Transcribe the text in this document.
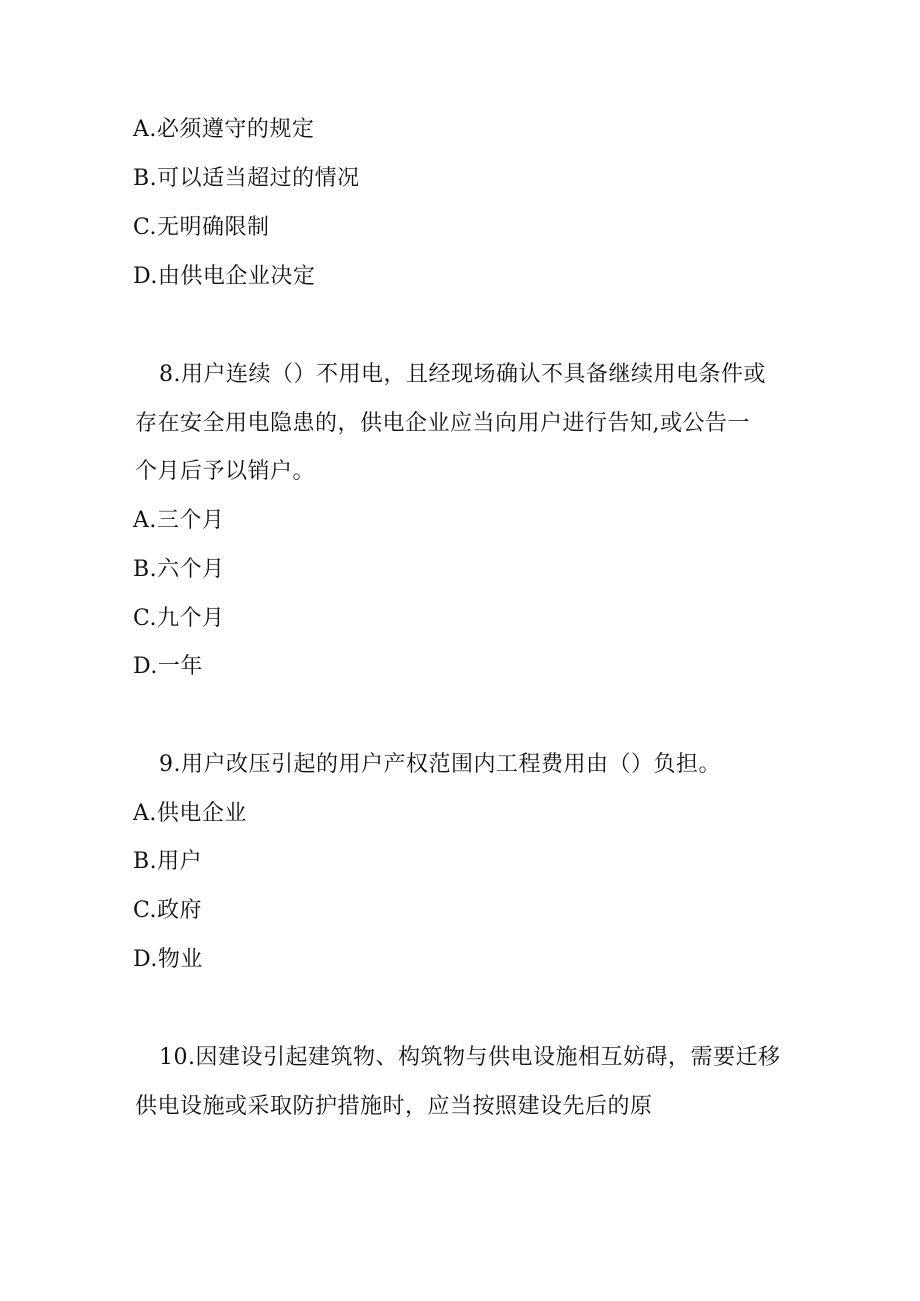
A.必须遵守的规定
B.可以适当超过的情况
C.无明确限制
D.由供电企业决定
8.用户连续（）不用电，且经现场确认不具备继续用电条件或
存在安全用电隐患的，供电企业应当向用户进行告知,或公告一
个月后予以销户。
A.三个月
B.六个月
C.九个月
D.一年
9.用户改压引起的用户产权范围内工程费用由（）负担。
A.供电企业
B.用户
C.政府
D.物业
10.因建设引起建筑物、构筑物与供电设施相互妨碍，需要迁移
供电设施或采取防护措施时，应当按照建设先后的原
